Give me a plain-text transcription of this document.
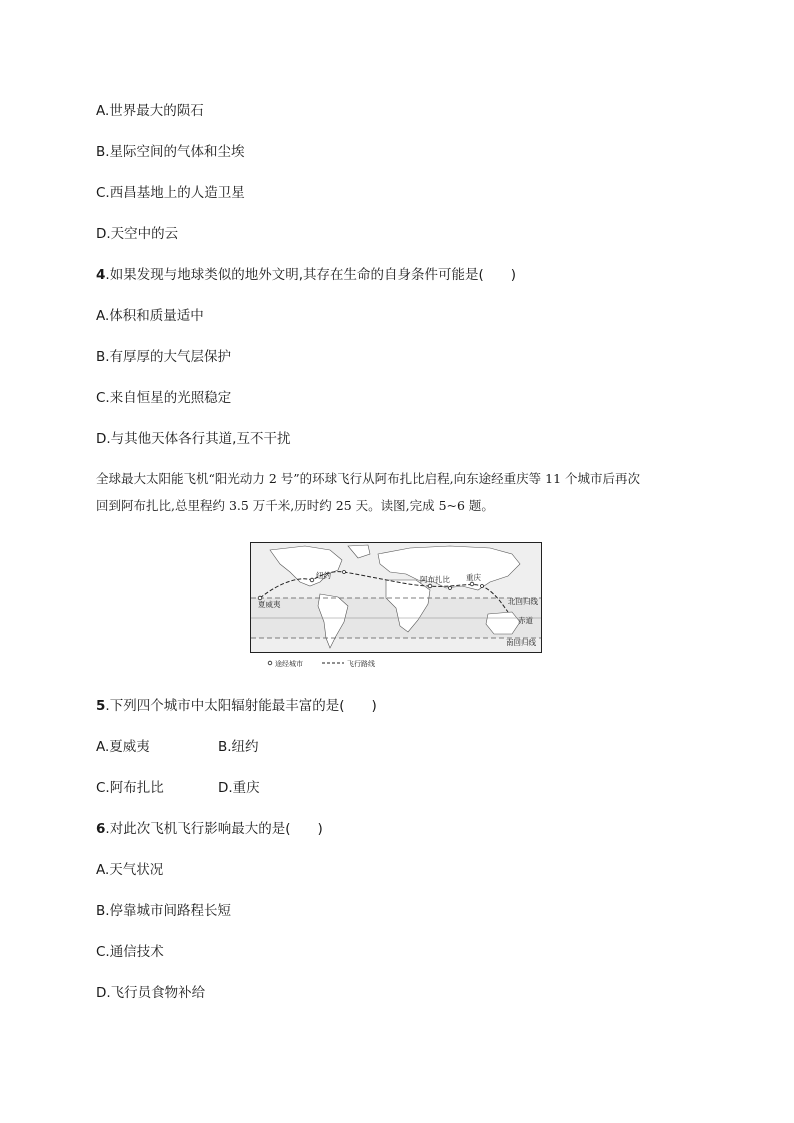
A.世界最大的陨石
B.星际空间的气体和尘埃
C.西昌基地上的人造卫星
D.天空中的云
4.如果发现与地球类似的地外文明,其存在生命的自身条件可能是(　　)
A.体积和质量适中
B.有厚厚的大气层保护
C.来自恒星的光照稳定
D.与其他天体各行其道,互不干扰
全球最大太阳能飞机“阳光动力 2 号”的环球飞行从阿布扎比启程,向东途经重庆等 11 个城市后再次
回到阿布扎比,总里程约 3.5 万千米,历时约 25 天。读图,完成 5~6 题。
夏威夷
纽约	阿布扎比 重庆
北回归线
赤道
南回归线
途经城市	飞行路线
5.下列四个城市中太阳辐射能最丰富的是(　　)
A.夏威夷	B.纽约
C.阿布扎比	D.重庆
6.对此次飞机飞行影响最大的是(　　)
A.天气状况
B.停靠城市间路程长短
C.通信技术
D.飞行员食物补给
